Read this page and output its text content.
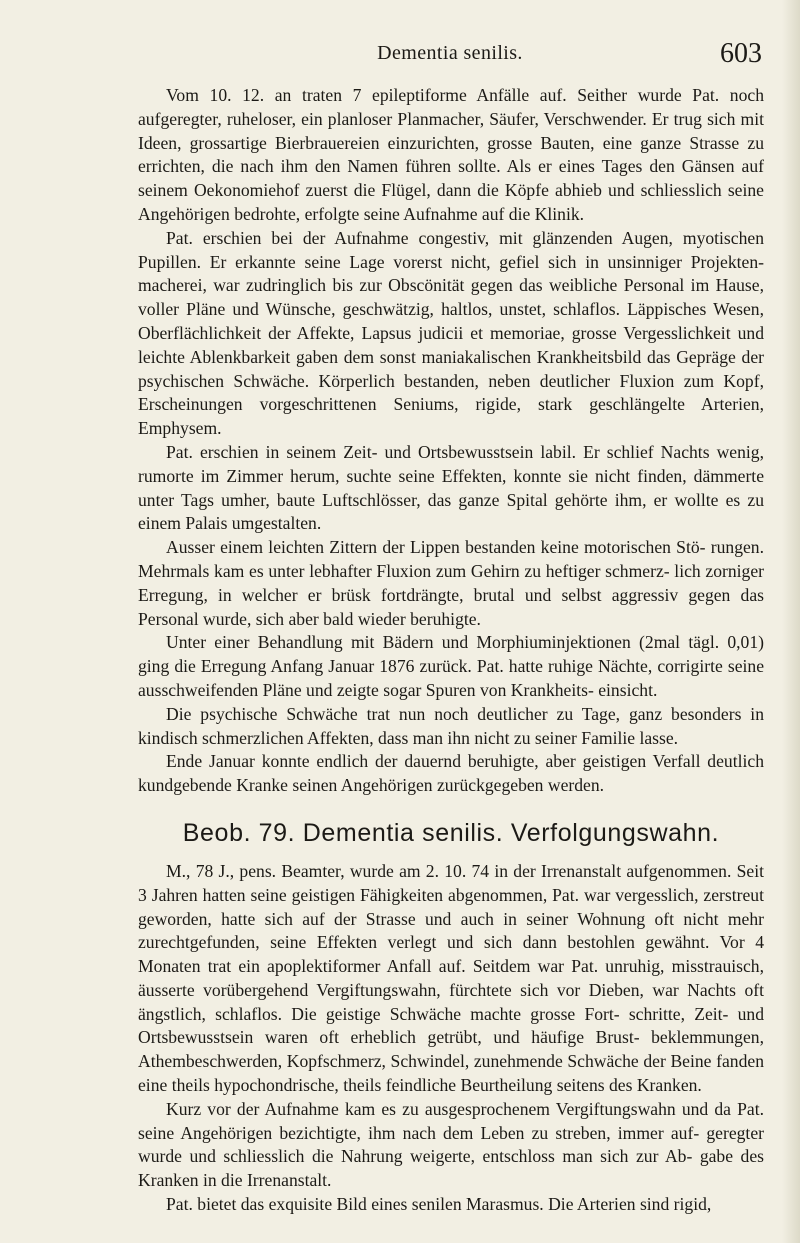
Dementia senilis.	603

Vom 10. 12. an traten 7 epileptiforme Anfälle auf. Seither wurde Pat. noch aufgeregter, ruheloser, ein planloser Planmacher, Säufer, Verschwender. Er trug sich mit Ideen, grossartige Bierbrauereien einzurichten, grosse Bauten, eine ganze Strasse zu errichten, die nach ihm den Namen führen sollte. Als er eines Tages den Gänsen auf seinem Oekonomiehof zuerst die Flügel, dann die Köpfe abhieb und schliesslich seine Angehörigen bedrohte, erfolgte seine Aufnahme auf die Klinik.

Pat. erschien bei der Aufnahme congestiv, mit glänzenden Augen, myotischen Pupillen. Er erkannte seine Lage vorerst nicht, gefiel sich in unsinniger Projekten- macherei, war zudringlich bis zur Obscönität gegen das weibliche Personal im Hause, voller Pläne und Wünsche, geschwätzig, haltlos, unstet, schlaflos. Läppisches Wesen, Oberflächlichkeit der Affekte, Lapsus judicii et memoriae, grosse Vergesslichkeit und leichte Ablenkbarkeit gaben dem sonst maniakalischen Krankheitsbild das Gepräge der psychischen Schwäche. Körperlich bestanden, neben deutlicher Fluxion zum Kopf, Erscheinungen vorgeschrittenen Seniums, rigide, stark geschlängelte Arterien, Emphysem.

Pat. erschien in seinem Zeit- und Ortsbewusstsein labil. Er schlief Nachts wenig, rumorte im Zimmer herum, suchte seine Effekten, konnte sie nicht finden, dämmerte unter Tags umher, baute Luftschlösser, das ganze Spital gehörte ihm, er wollte es zu einem Palais umgestalten.

Ausser einem leichten Zittern der Lippen bestanden keine motorischen Stö- rungen. Mehrmals kam es unter lebhafter Fluxion zum Gehirn zu heftiger schmerz- lich zorniger Erregung, in welcher er brüsk fortdrängte, brutal und selbst aggressiv gegen das Personal wurde, sich aber bald wieder beruhigte.

Unter einer Behandlung mit Bädern und Morphiuminjektionen (2mal tägl. 0,01) ging die Erregung Anfang Januar 1876 zurück. Pat. hatte ruhige Nächte, corrigirte seine ausschweifenden Pläne und zeigte sogar Spuren von Krankheits- einsicht.

Die psychische Schwäche trat nun noch deutlicher zu Tage, ganz besonders in kindisch schmerzlichen Affekten, dass man ihn nicht zu seiner Familie lasse.

Ende Januar konnte endlich der dauernd beruhigte, aber geistigen Verfall deutlich kundgebende Kranke seinen Angehörigen zurückgegeben werden.

Beob. 79. Dementia senilis. Verfolgungswahn.

M., 78 J., pens. Beamter, wurde am 2. 10. 74 in der Irrenanstalt aufgenommen. Seit 3 Jahren hatten seine geistigen Fähigkeiten abgenommen, Pat. war vergesslich, zerstreut geworden, hatte sich auf der Strasse und auch in seiner Wohnung oft nicht mehr zurechtgefunden, seine Effekten verlegt und sich dann bestohlen gewähnt. Vor 4 Monaten trat ein apoplektiformer Anfall auf. Seitdem war Pat. unruhig, misstrauisch, äusserte vorübergehend Vergiftungswahn, fürchtete sich vor Dieben, war Nachts oft ängstlich, schlaflos. Die geistige Schwäche machte grosse Fort- schritte, Zeit- und Ortsbewusstsein waren oft erheblich getrübt, und häufige Brust- beklemmungen, Athembeschwerden, Kopfschmerz, Schwindel, zunehmende Schwäche der Beine fanden eine theils hypochondrische, theils feindliche Beurtheilung seitens des Kranken.

Kurz vor der Aufnahme kam es zu ausgesprochenem Vergiftungswahn und da Pat. seine Angehörigen bezichtigte, ihm nach dem Leben zu streben, immer auf- geregter wurde und schliesslich die Nahrung weigerte, entschloss man sich zur Ab- gabe des Kranken in die Irrenanstalt.

Pat. bietet das exquisite Bild eines senilen Marasmus. Die Arterien sind rigid,
